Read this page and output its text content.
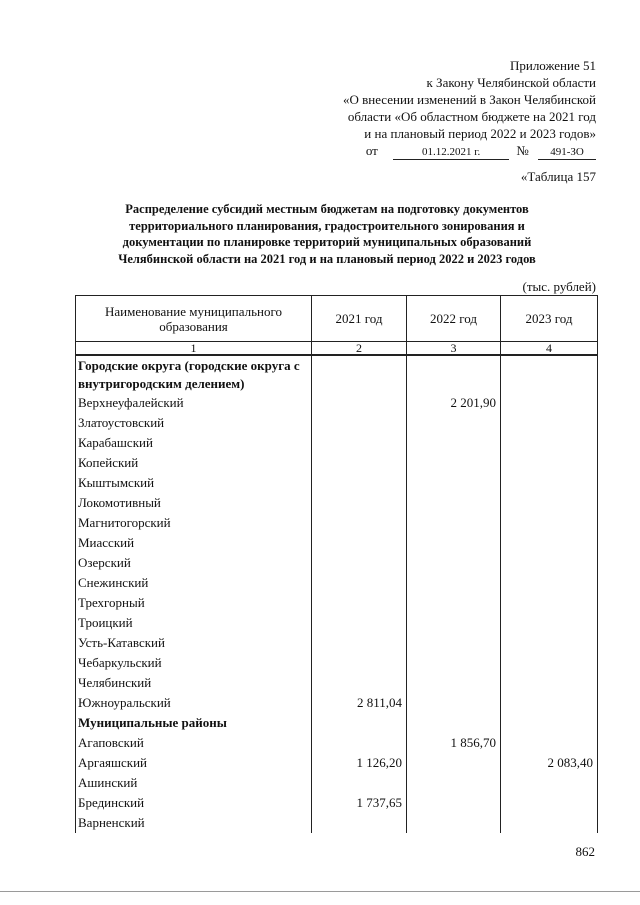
Приложение 51
к Закону Челябинской области
«О внесении изменений в Закон Челябинской
области «Об областном бюджете на 2021 год
и на плановый период 2022 и 2023 годов»
от	01.12.2021 г.	№ 491-ЗО
«Таблица 157
Распределение субсидий местным бюджетам на подготовку документов территориального планирования, градостроительного зонирования и документации по планировке территорий муниципальных образований Челябинской области на 2021 год и на плановый период 2022 и 2023 годов
(тыс. рублей)
Наименование муниципального образования	2021 год	2022 год	2023 год
1	2	3	4
Городские округа (городские округа с внутригородским делением)			
Верхнеуфалейский		2 201,90	
Златоустовский			
Карабашский			
Копейский			
Кыштымский			
Локомотивный			
Магнитогорский			
Миасский			
Озерский			
Снежинский			
Трехгорный			
Троицкий			
Усть-Катавский			
Чебаркульский			
Челябинский			
Южноуральский	2 811,04		
Муниципальные районы			
Агаповский		1 856,70	
Аргаяшский	1 126,20		2 083,40
Ашинский			
Брединский	1 737,65		
Варненский			
862
